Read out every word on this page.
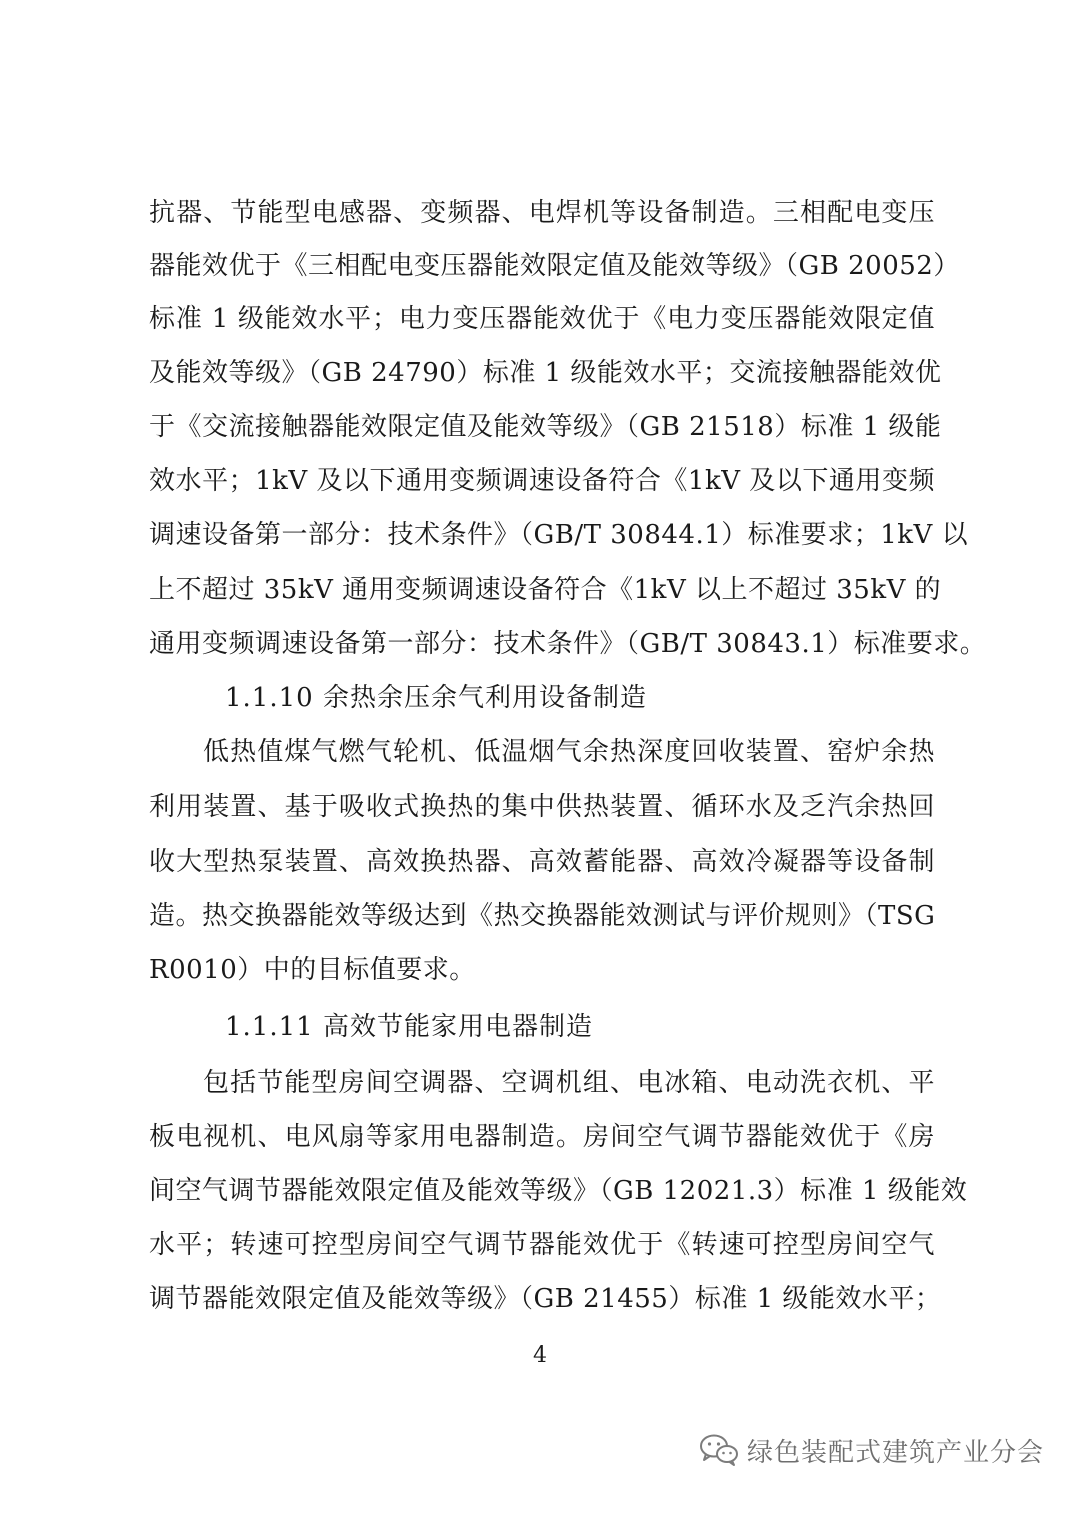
抗器、节能型电感器、变频器、电焊机等设备制造。三相配电变压
器能效优于《三相配电变压器能效限定值及能效等级》（GB 20052）
标准 1 级能效水平；电力变压器能效优于《电力变压器能效限定值
及能效等级》（GB 24790）标准 1 级能效水平；交流接触器能效优
于《交流接触器能效限定值及能效等级》（GB 21518）标准 1 级能
效水平；1kV 及以下通用变频调速设备符合《1kV 及以下通用变频
调速设备第一部分：技术条件》（GB/T 30844.1）标准要求；1kV 以
上不超过 35kV 通用变频调速设备符合《1kV 以上不超过 35kV 的
通用变频调速设备第一部分：技术条件》（GB/T 30843.1）标准要求。
1.1.10 余热余压余气利用设备制造
低热值煤气燃气轮机、低温烟气余热深度回收装置、窑炉余热
利用装置、基于吸收式换热的集中供热装置、循环水及乏汽余热回
收大型热泵装置、高效换热器、高效蓄能器、高效冷凝器等设备制
造。热交换器能效等级达到《热交换器能效测试与评价规则》（TSG
R0010）中的目标值要求。
1.1.11 高效节能家用电器制造
包括节能型房间空调器、空调机组、电冰箱、电动洗衣机、平
板电视机、电风扇等家用电器制造。房间空气调节器能效优于《房
间空气调节器能效限定值及能效等级》（GB 12021.3）标准 1 级能效
水平；转速可控型房间空气调节器能效优于《转速可控型房间空气
调节器能效限定值及能效等级》（GB 21455）标准 1 级能效水平；
4
绿色装配式建筑产业分会
